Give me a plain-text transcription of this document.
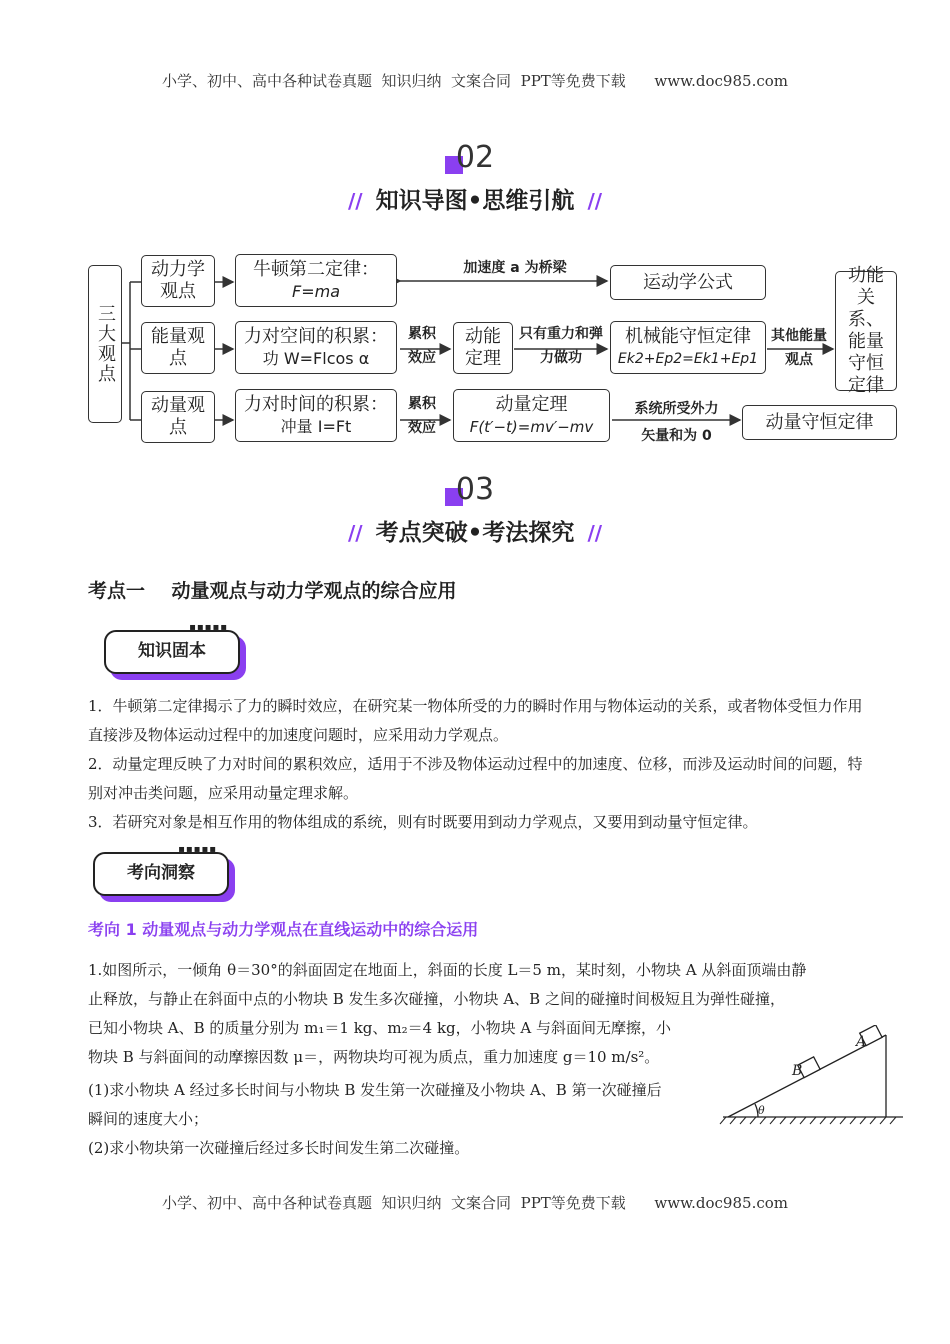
小学、初中、高中各种试卷真题  知识归纳  文案合同  PPT等免费下载      www.doc985.com
02
// 知识导图•思维引航 //
三大观点
动力学观点
牛顿第二定律：
F=ma
加速度 a 为桥梁
运动学公式
能量观点
力对空间的积累：
功 W=Flcos α
累积效应
动能定理
只有重力和弹力做功
机械能守恒定律
Ek2+Ep2=Ek1+Ep1
其他能量观点
动量观点
力对时间的积累：
冲量 I=Ft
累积效应
动量定理
F(t′−t)=mv′−mv
系统所受外力
矢量和为 0
动量守恒定律
功能关系、能量守恒定律
03
// 考点突破•考法探究 //
考点一    动量观点与动力学观点的综合应用
▪▪▪▪▪
知识固本

1．牛顿第二定律揭示了力的瞬时效应，在研究某一物体所受的力的瞬时作用与物体运动的关系，或者物体受恒力作用直接涉及物体运动过程中的加速度问题时，应采用动力学观点。

2．动量定理反映了力对时间的累积效应，适用于不涉及物体运动过程中的加速度、位移，而涉及运动时间的问题，特别对冲击类问题，应采用动量定理求解。

3．若研究对象是相互作用的物体组成的系统，则有时既要用到动力学观点，又要用到动量守恒定律。

▪▪▪▪▪
考向洞察
考向 1 动量观点与动力学观点在直线运动中的综合运用
1.如图所示，一倾角 θ＝30°的斜面固定在地面上，斜面的长度 L＝5 m，某时刻，小物块 A 从斜面顶端由静
止释放，与静止在斜面中点的小物块 B 发生多次碰撞，小物块 A、B 之间的碰撞时间极短且为弹性碰撞，
已知小物块 A、B 的质量分别为 m₁＝1 kg、m₂＝4 kg，小物块 A 与斜面间无摩擦，小
物块 B 与斜面间的动摩擦因数 μ＝，两物块均可视为质点，重力加速度 g＝10 m/s²。
(1)求小物块 A 经过多长时间与小物块 B 发生第一次碰撞及小物块 A、B 第一次碰撞后
瞬间的速度大小；
(2)求小物块第一次碰撞后经过多长时间发生第二次碰撞。
A
B
θ
小学、初中、高中各种试卷真题  知识归纳  文案合同  PPT等免费下载      www.doc985.com
